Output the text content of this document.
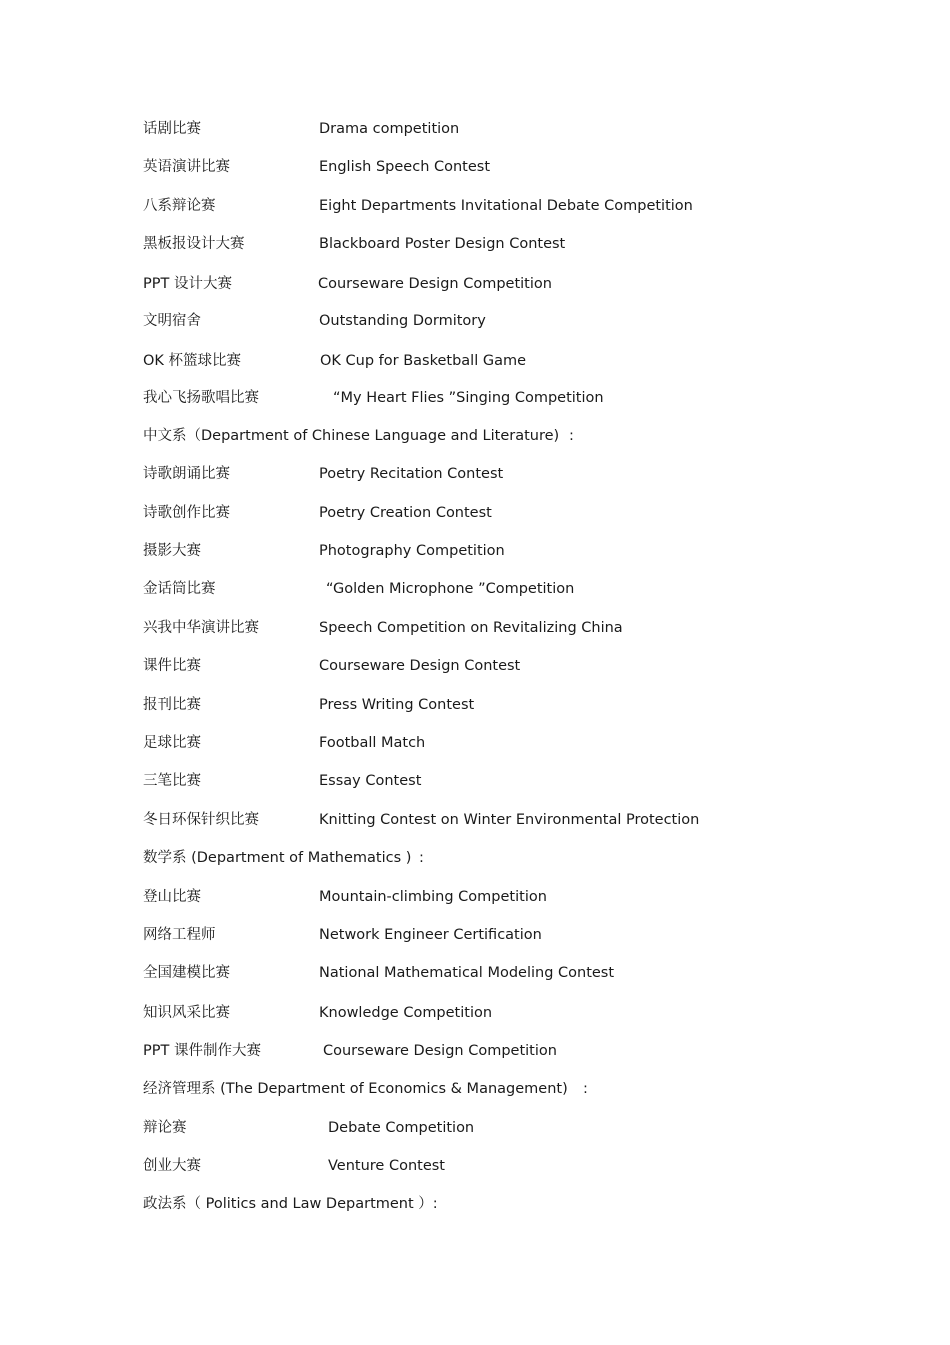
话剧比赛	Drama competition
英语演讲比赛	English Speech Contest
八系辩论赛	Eight Departments Invitational Debate Competition
黑板报设计大赛	Blackboard Poster Design Contest
PPT 设计大赛	Courseware Design Competition
文明宿舍	Outstanding Dormitory
OK 杯篮球比赛	OK Cup for Basketball Game
我心飞扬歌唱比赛	“My Heart Flies ”Singing Competition
中文系（Department of Chinese Language and Literature) :
诗歌朗诵比赛	Poetry Recitation Contest
诗歌创作比赛	Poetry Creation Contest
摄影大赛	Photography Competition
金话筒比赛	“Golden Microphone ”Competition
兴我中华演讲比赛	Speech Competition on Revitalizing China
课件比赛	Courseware Design Contest
报刊比赛	Press Writing Contest
足球比赛	Football Match
三笔比赛	Essay Contest
冬日环保针织比赛	Knitting Contest on Winter Environmental Protection
数学系 (Department of Mathematics ) :
登山比赛	Mountain-climbing Competition
网络工程师	Network Engineer Certification
全国建模比赛	National Mathematical Modeling Contest
知识风采比赛	Knowledge Competition
PPT 课件制作大赛	Courseware Design Competition
经济管理系 (The Department of Economics & Management) :
辩论赛	Debate Competition
创业大赛	Venture Contest
政法系（ Politics and Law Department ）:
